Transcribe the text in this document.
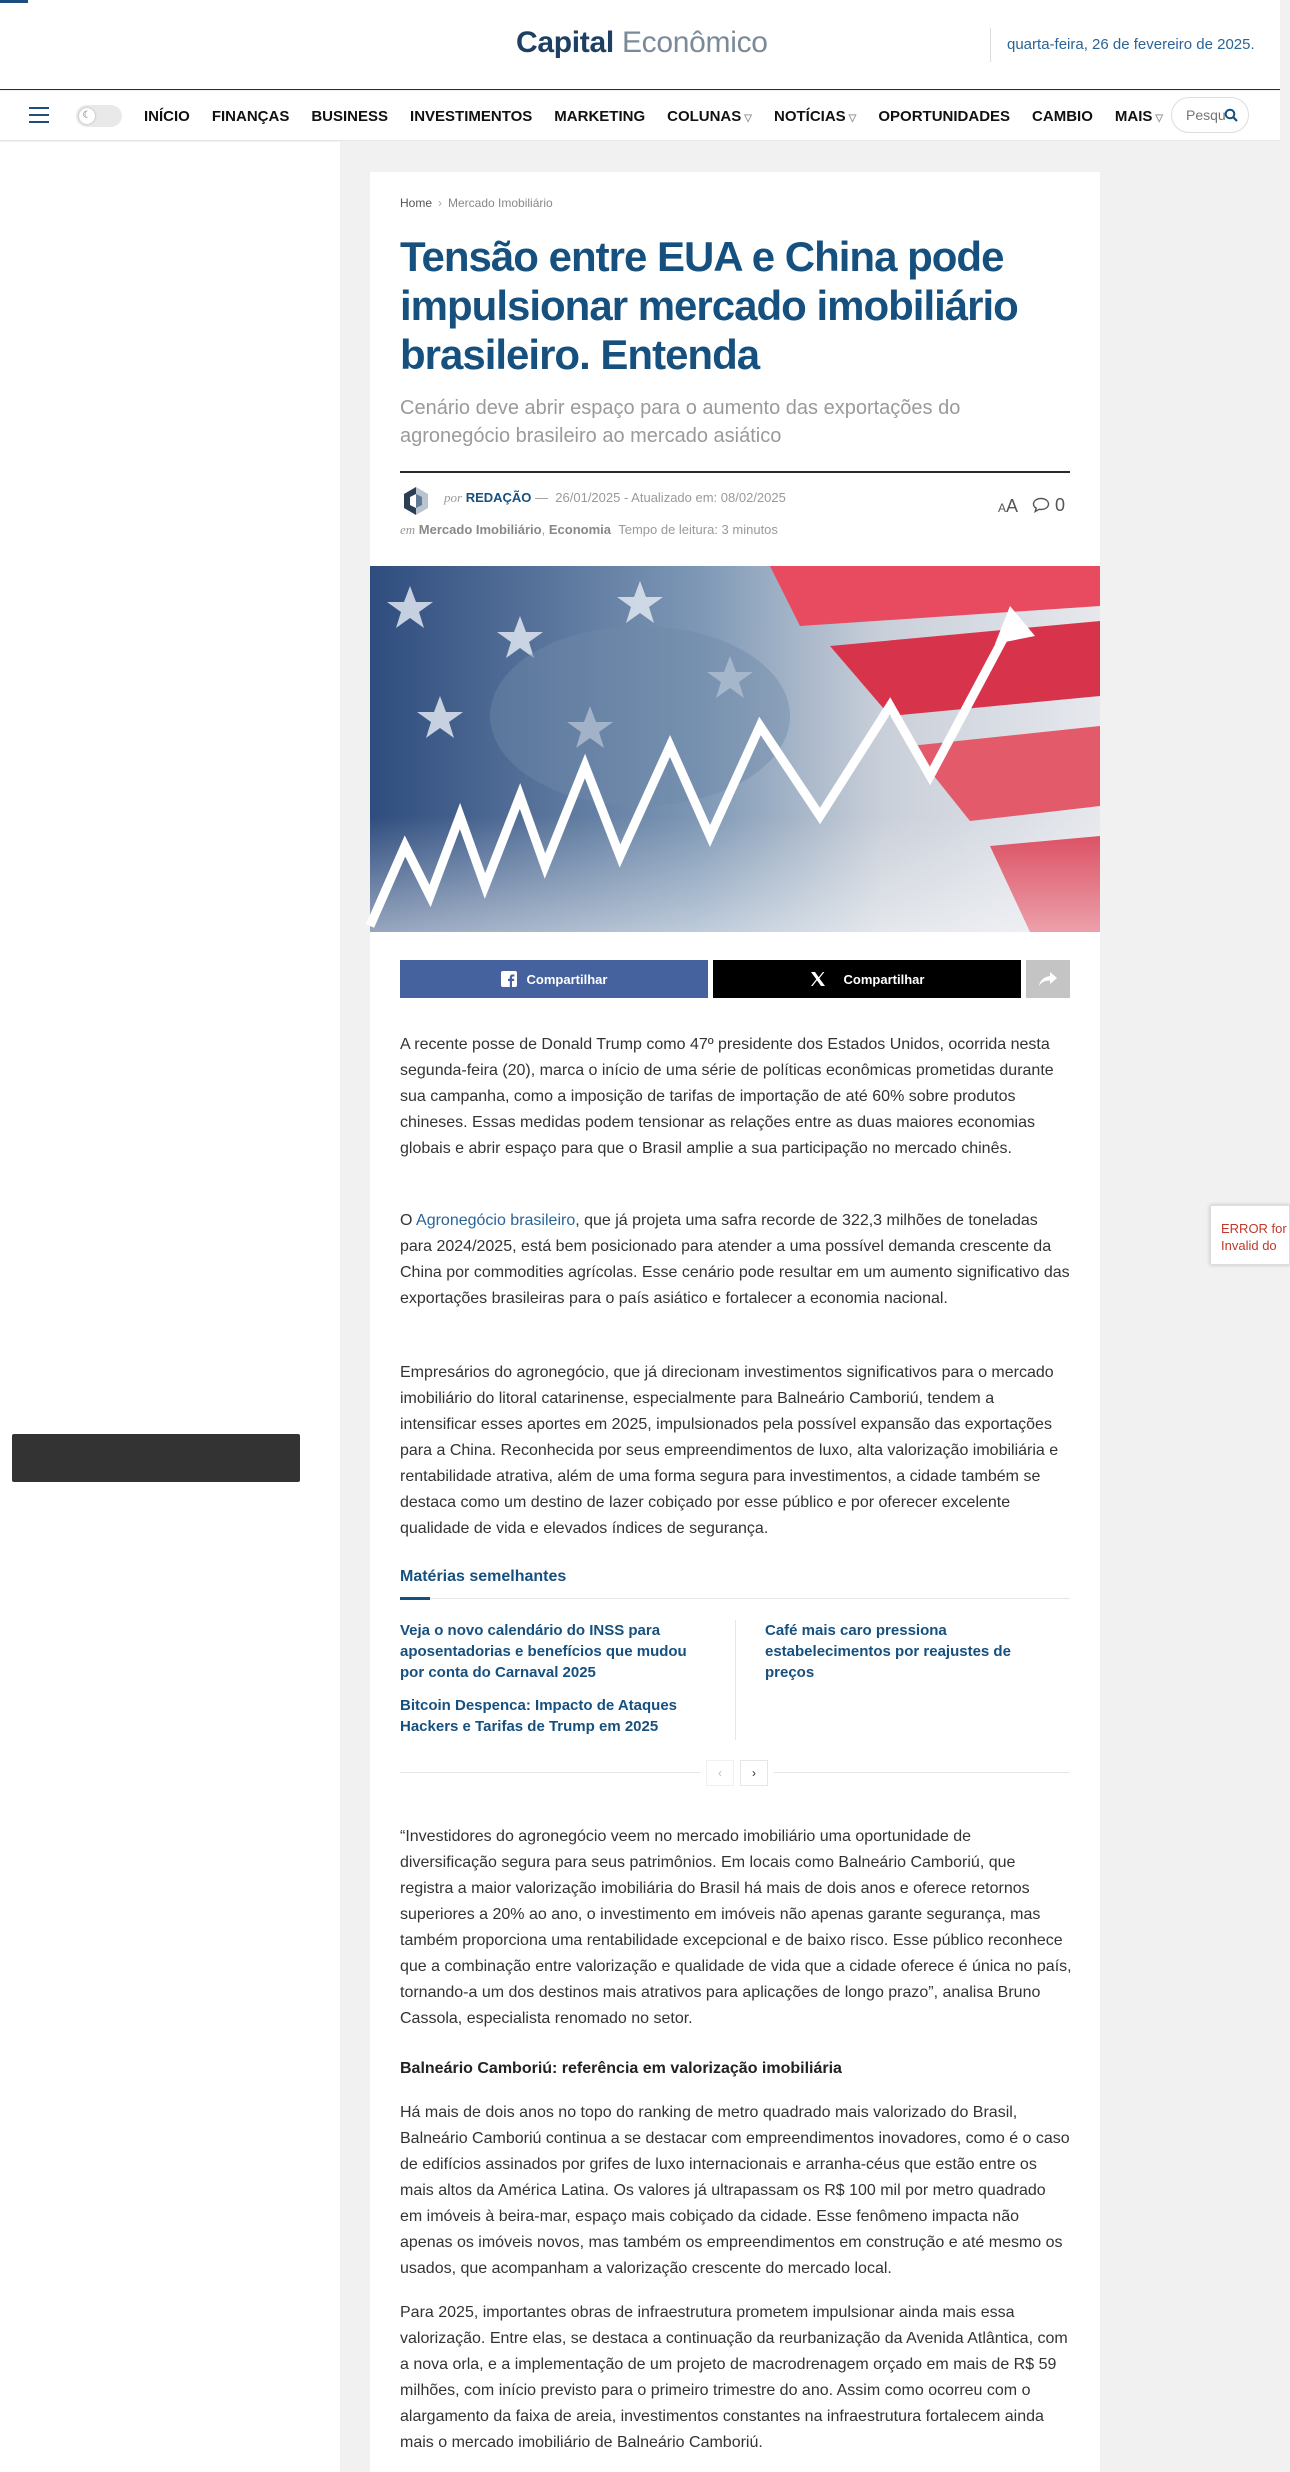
Capital Econômico	quarta-feira, 26 de fevereiro de 2025.
☾	INÍCIO FINANÇAS BUSINESS INVESTIMENTOS MARKETING COLUNAS ▽ NOTÍCIAS ▽ OPORTUNIDADES CAMBIO MAIS ▽
Pesquisar
ERROR for
Invalid do
Home › Mercado Imobiliário
Tensão entre EUA e China pode impulsionar mercado imobiliário brasileiro. Entenda
Cenário deve abrir espaço para o aumento das exportações do agronegócio brasileiro ao mercado asiático
por REDAÇÃO — 26/01/2025 - Atualizado em: 08/02/2025
em Mercado Imobiliário, Economia Tempo de leitura: 3 minutos
AA	0
Compartilhar	Compartilhar

A recente posse de Donald Trump como 47º presidente dos Estados Unidos, ocorrida nesta segunda-feira (20), marca o início de uma série de políticas econômicas prometidas durante sua campanha, como a imposição de tarifas de importação de até 60% sobre produtos chineses. Essas medidas podem tensionar as relações entre as duas maiores economias globais e abrir espaço para que o Brasil amplie a sua participação no mercado chinês.

O Agronegócio brasileiro, que já projeta uma safra recorde de 322,3 milhões de toneladas para 2024/2025, está bem posicionado para atender a uma possível demanda crescente da China por commodities agrícolas. Esse cenário pode resultar em um aumento significativo das exportações brasileiras para o país asiático e fortalecer a economia nacional.

Empresários do agronegócio, que já direcionam investimentos significativos para o mercado imobiliário do litoral catarinense, especialmente para Balneário Camboriú, tendem a intensificar esses aportes em 2025, impulsionados pela possível expansão das exportações para a China. Reconhecida por seus empreendimentos de luxo, alta valorização imobiliária e rentabilidade atrativa, além de uma forma segura para investimentos, a cidade também se destaca como um destino de lazer cobiçado por esse público e por oferecer excelente qualidade de vida e elevados índices de segurança.

Matérias semelhantes
Veja o novo calendário do INSS para aposentadorias e benefícios que mudou por conta do Carnaval 2025
Bitcoin Despenca: Impacto de Ataques Hackers e Tarifas de Trump em 2025
Café mais caro pressiona estabelecimentos por reajustes de preços
‹	›

“Investidores do agronegócio veem no mercado imobiliário uma oportunidade de diversificação segura para seus patrimônios. Em locais como Balneário Camboriú, que registra a maior valorização imobiliária do Brasil há mais de dois anos e oferece retornos superiores a 20% ao ano, o investimento em imóveis não apenas garante segurança, mas também proporciona uma rentabilidade excepcional e de baixo risco. Esse público reconhece que a combinação entre valorização e qualidade de vida que a cidade oferece é única no país, tornando-a um dos destinos mais atrativos para aplicações de longo prazo”, analisa Bruno Cassola, especialista renomado no setor.

Balneário Camboriú: referência em valorização imobiliária

Há mais de dois anos no topo do ranking de metro quadrado mais valorizado do Brasil, Balneário Camboriú continua a se destacar com empreendimentos inovadores, como é o caso de edifícios assinados por grifes de luxo internacionais e arranha-céus que estão entre os mais altos da América Latina. Os valores já ultrapassam os R$ 100 mil por metro quadrado em imóveis à beira-mar, espaço mais cobiçado da cidade. Esse fenômeno impacta não apenas os imóveis novos, mas também os empreendimentos em construção e até mesmo os usados, que acompanham a valorização crescente do mercado local.

Para 2025, importantes obras de infraestrutura prometem impulsionar ainda mais essa valorização. Entre elas, se destaca a continuação da reurbanização da Avenida Atlântica, com a nova orla, e a implementação de um projeto de macrodrenagem orçado em mais de R$ 59 milhões, com início previsto para o primeiro trimestre do ano. Assim como ocorreu com o alargamento da faixa de areia, investimentos constantes na infraestrutura fortalecem ainda mais o mercado imobiliário de Balneário Camboriú.
